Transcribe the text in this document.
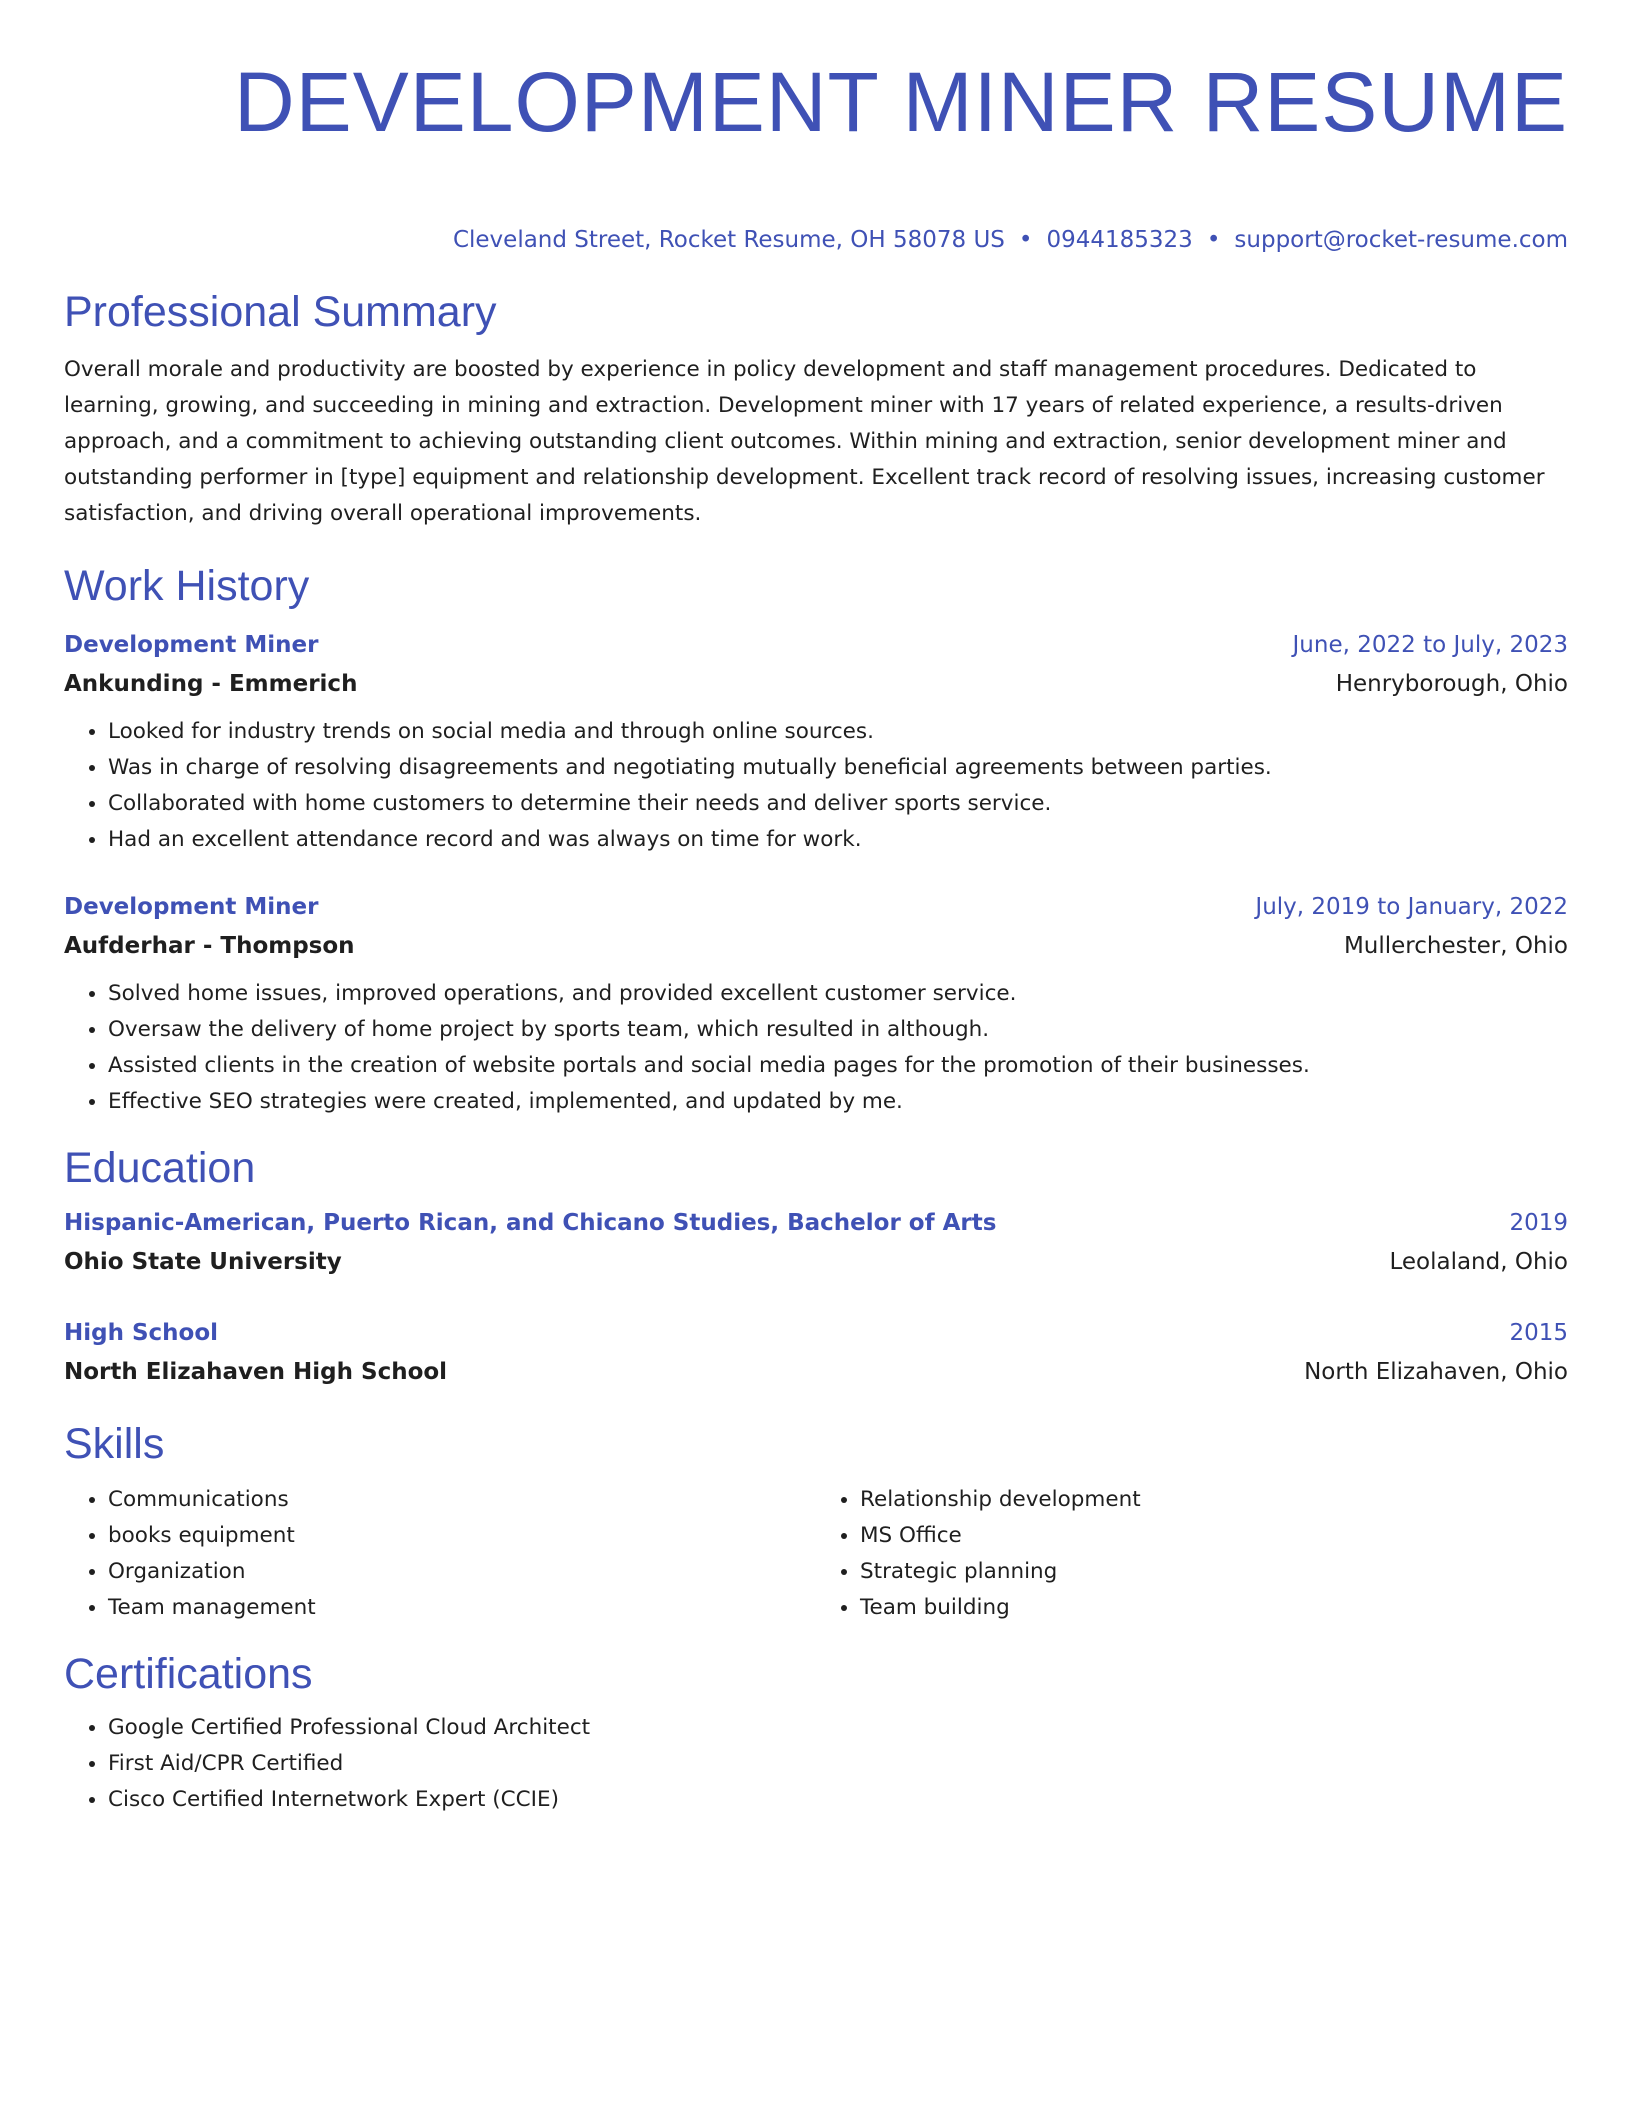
DEVELOPMENT MINER RESUME
Cleveland Street, Rocket Resume, OH 58078 US • 0944185323 • support@rocket-resume.com
Professional Summary
Overall morale and productivity are boosted by experience in policy development and staff management procedures. Dedicated to learning, growing, and succeeding in mining and extraction. Development miner with 17 years of related experience, a results-driven approach, and a commitment to achieving outstanding client outcomes. Within mining and extraction, senior development miner and outstanding performer in [type] equipment and relationship development. Excellent track record of resolving issues, increasing customer satisfaction, and driving overall operational improvements.
Work History
Development Miner	June, 2022 to July, 2023
Ankunding - Emmerich	Henryborough, Ohio
• Looked for industry trends on social media and through online sources.
• Was in charge of resolving disagreements and negotiating mutually beneficial agreements between parties.
• Collaborated with home customers to determine their needs and deliver sports service.
• Had an excellent attendance record and was always on time for work.
Development Miner	July, 2019 to January, 2022
Aufderhar - Thompson	Mullerchester, Ohio
• Solved home issues, improved operations, and provided excellent customer service.
• Oversaw the delivery of home project by sports team, which resulted in although.
• Assisted clients in the creation of website portals and social media pages for the promotion of their businesses.
• Effective SEO strategies were created, implemented, and updated by me.
Education
Hispanic-American, Puerto Rican, and Chicano Studies, Bachelor of Arts	2019
Ohio State University	Leolaland, Ohio
High School	2015
North Elizahaven High School	North Elizahaven, Ohio
Skills
• Communications
• books equipment
• Organization
• Team management
• Relationship development
• MS Office
• Strategic planning
• Team building
Certifications
• Google Certified Professional Cloud Architect
• First Aid/CPR Certified
• Cisco Certified Internetwork Expert (CCIE)
